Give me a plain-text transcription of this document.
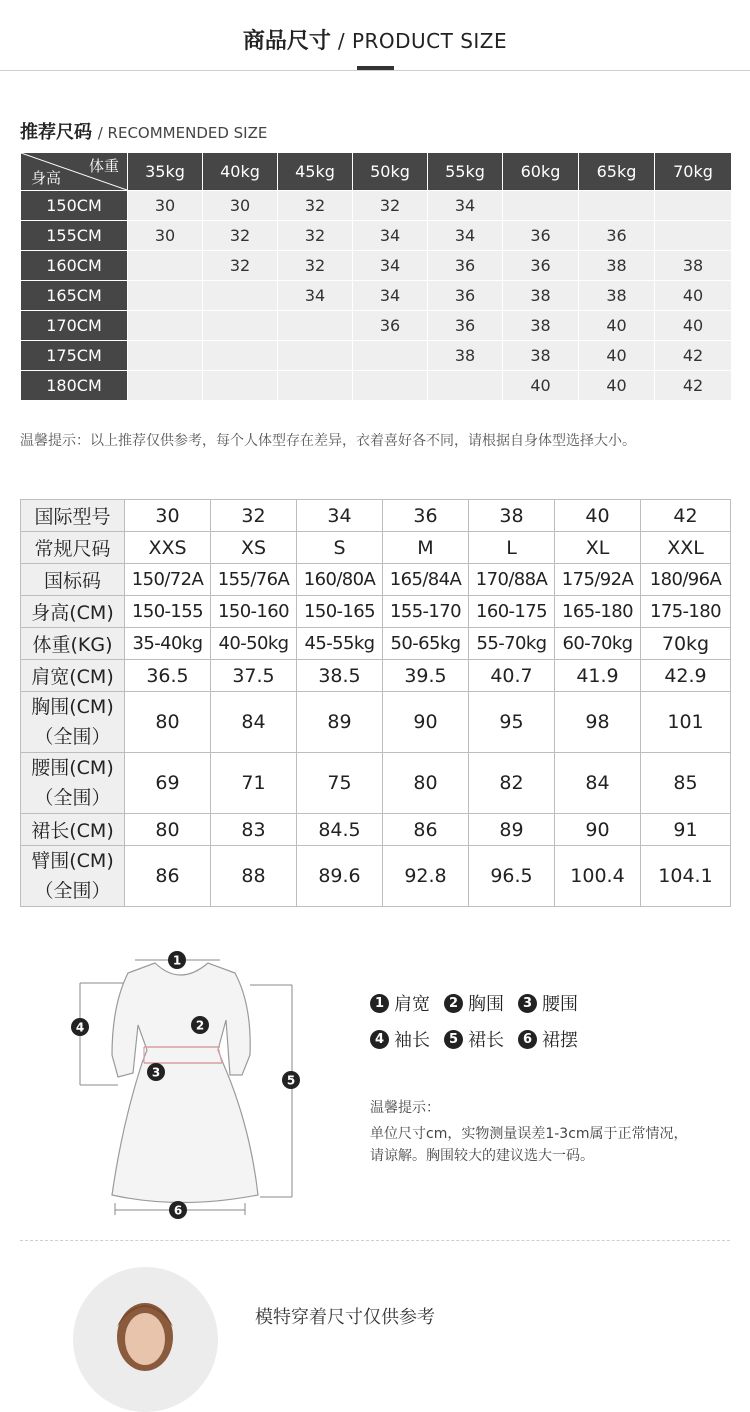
商品尺寸 / PRODUCT SIZE
推荐尺码 / RECOMMENDED SIZE
体重
身高	35kg	40kg	45kg	50kg	55kg	60kg	65kg	70kg
150CM	30	30	32	32	34			
155CM	30	32	32	34	34	36	36	
160CM		32	32	34	36	36	38	38
165CM			34	34	36	38	38	40
170CM				36	36	38	40	40
175CM					38	38	40	42
180CM						40	40	42
温馨提示：以上推荐仅供参考，每个人体型存在差异，衣着喜好各不同，请根据自身体型选择大小。
国际型号	30	32	34	36	38	40	42

常规尺码	XXS	XS	S	M	L	XL	XXL

国标码	150/72A	155/76A	160/80A	165/84A	170/88A	175/92A	180/96A

身高(CM)	150-155	150-160	150-165	155-170	160-175	165-180	175-180

体重(KG)	35-40kg	40-50kg	45-55kg	50-65kg	55-70kg	60-70kg	70kg

肩宽(CM)	36.5	37.5	38.5	39.5	40.7	41.9	42.9

胸围(CM)
（全围）	80	84	89	90	95	98	101

腰围(CM)
（全围）	69	71	75	80	82	84	85

裙长(CM)	80	83	84.5	86	89	90	91

臂围(CM)
（全围）	86	88	89.6	92.8	96.5	100.4	104.1
1
2
3
4
5
6
1 肩宽	2 胸围	3 腰围
4 袖长	5 裙长	6 裙摆
温馨提示：
单位尺寸cm，实物测量误差1-3cm属于正常情况，请谅解。胸围较大的建议选大一码。
模特穿着尺寸仅供参考
